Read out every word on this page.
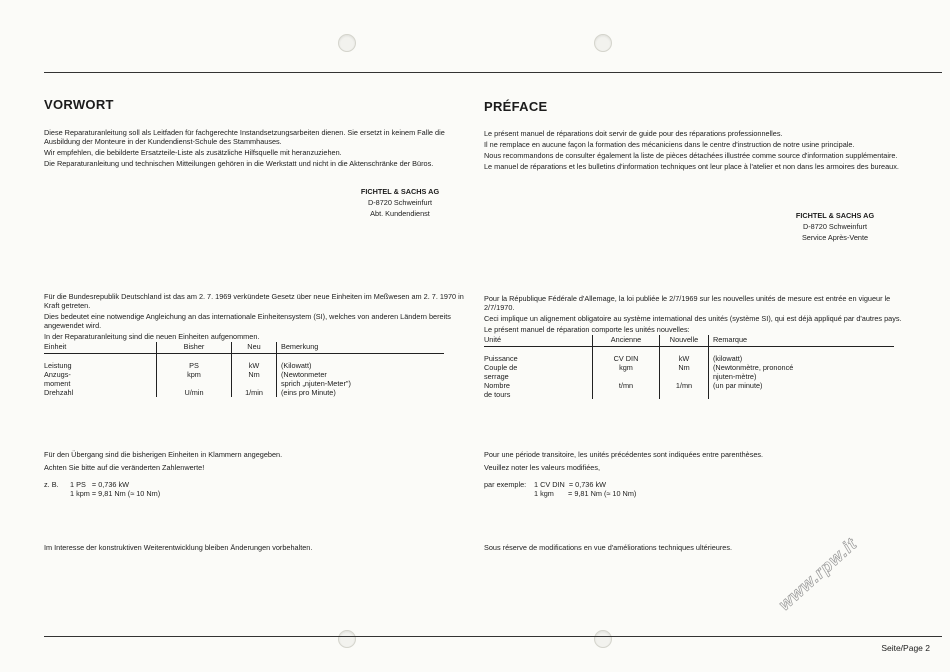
VORWORT

Diese Reparaturanleitung soll als Leitfaden für fachgerechte Instandsetzungsarbeiten dienen. Sie ersetzt in keinem Falle die Ausbildung der Monteure in der Kundendienst-Schule des Stammhauses.

Wir empfehlen, die bebilderte Ersatzteile-Liste als zusätzliche Hilfsquelle mit heranzuziehen.

Die Reparaturanleitung und technischen Mitteilungen gehören in die Werkstatt und nicht in die Aktenschränke der Büros.

FICHTEL & SACHS AG
D-8720 Schweinfurt
Abt. Kundendienst

Für die Bundesrepublik Deutschland ist das am 2. 7. 1969 verkündete Gesetz über neue Einheiten im Meßwesen am 2. 7. 1970 in Kraft getreten.

Dies bedeutet eine notwendige Angleichung an das internationale Einheitensystem (SI), welches von anderen Ländern bereits angewendet wird.

In der Reparaturanleitung sind die neuen Einheiten aufgenommen.

Einheit	Bisher	Neu	Bemerkung
Leistung	PS	kW	(Kilowatt)
Anzugs-
moment	kpm	Nm	(Newtonmeter
sprich „njuten-Meter")
Drehzahl	U/min	1/min	(eins pro Minute)

Für den Übergang sind die bisherigen Einheiten in Klammern angegeben.

Achten Sie bitte auf die veränderten Zahlenwerte!

z. B.	1 PS   = 0,736 kW
1 kpm = 9,81 Nm (≈ 10 Nm)

Im Interesse der konstruktiven Weiterentwicklung bleiben Änderungen vorbehalten.

PRÉFACE

Le présent manuel de réparations doit servir de guide pour des réparations professionnelles.

Il ne remplace en aucune façon la formation des mécaniciens dans le centre d'instruction de notre usine principale.

Nous recommandons de consulter également la liste de pièces détachées illustrée comme source d'information supplémentaire.

Le manuel de réparations et les bulletins d'information techniques ont leur place à l'atelier et non dans les armoires des bureaux.

FICHTEL & SACHS AG
D-8720 Schweinfurt
Service Après-Vente

Pour la République Fédérale d'Allemage, la loi publiée le 2/7/1969 sur les nouvelles unités de mesure est entrée en vigueur le 2/7/1970.

Ceci implique un alignement obligatoire au système international des unités (système SI), qui est déjà appliqué par d'autres pays.

Le présent manuel de réparation comporte les unités nouvelles:

Unité	Ancienne	Nouvelle	Remarque
Puissance	CV DIN	kW	(kilowatt)
Couple de
serrage	kgm	Nm	(Newtonmètre, prononcé
njuten-mètre)
Nombre
de tours	t/mn	1/mn	(un par minute)

Pour une période transitoire, les unités précédentes sont indiquées entre parenthèses.

Veuillez noter les valeurs modifiées,

par exemple:	1 CV DIN  = 0,736 kW
1 kgm       = 9,81 Nm (≈ 10 Nm)

Sous réserve de modifications en vue d'améliorations techniques ultérieures.	www.rpw.it
Seite/Page 2
